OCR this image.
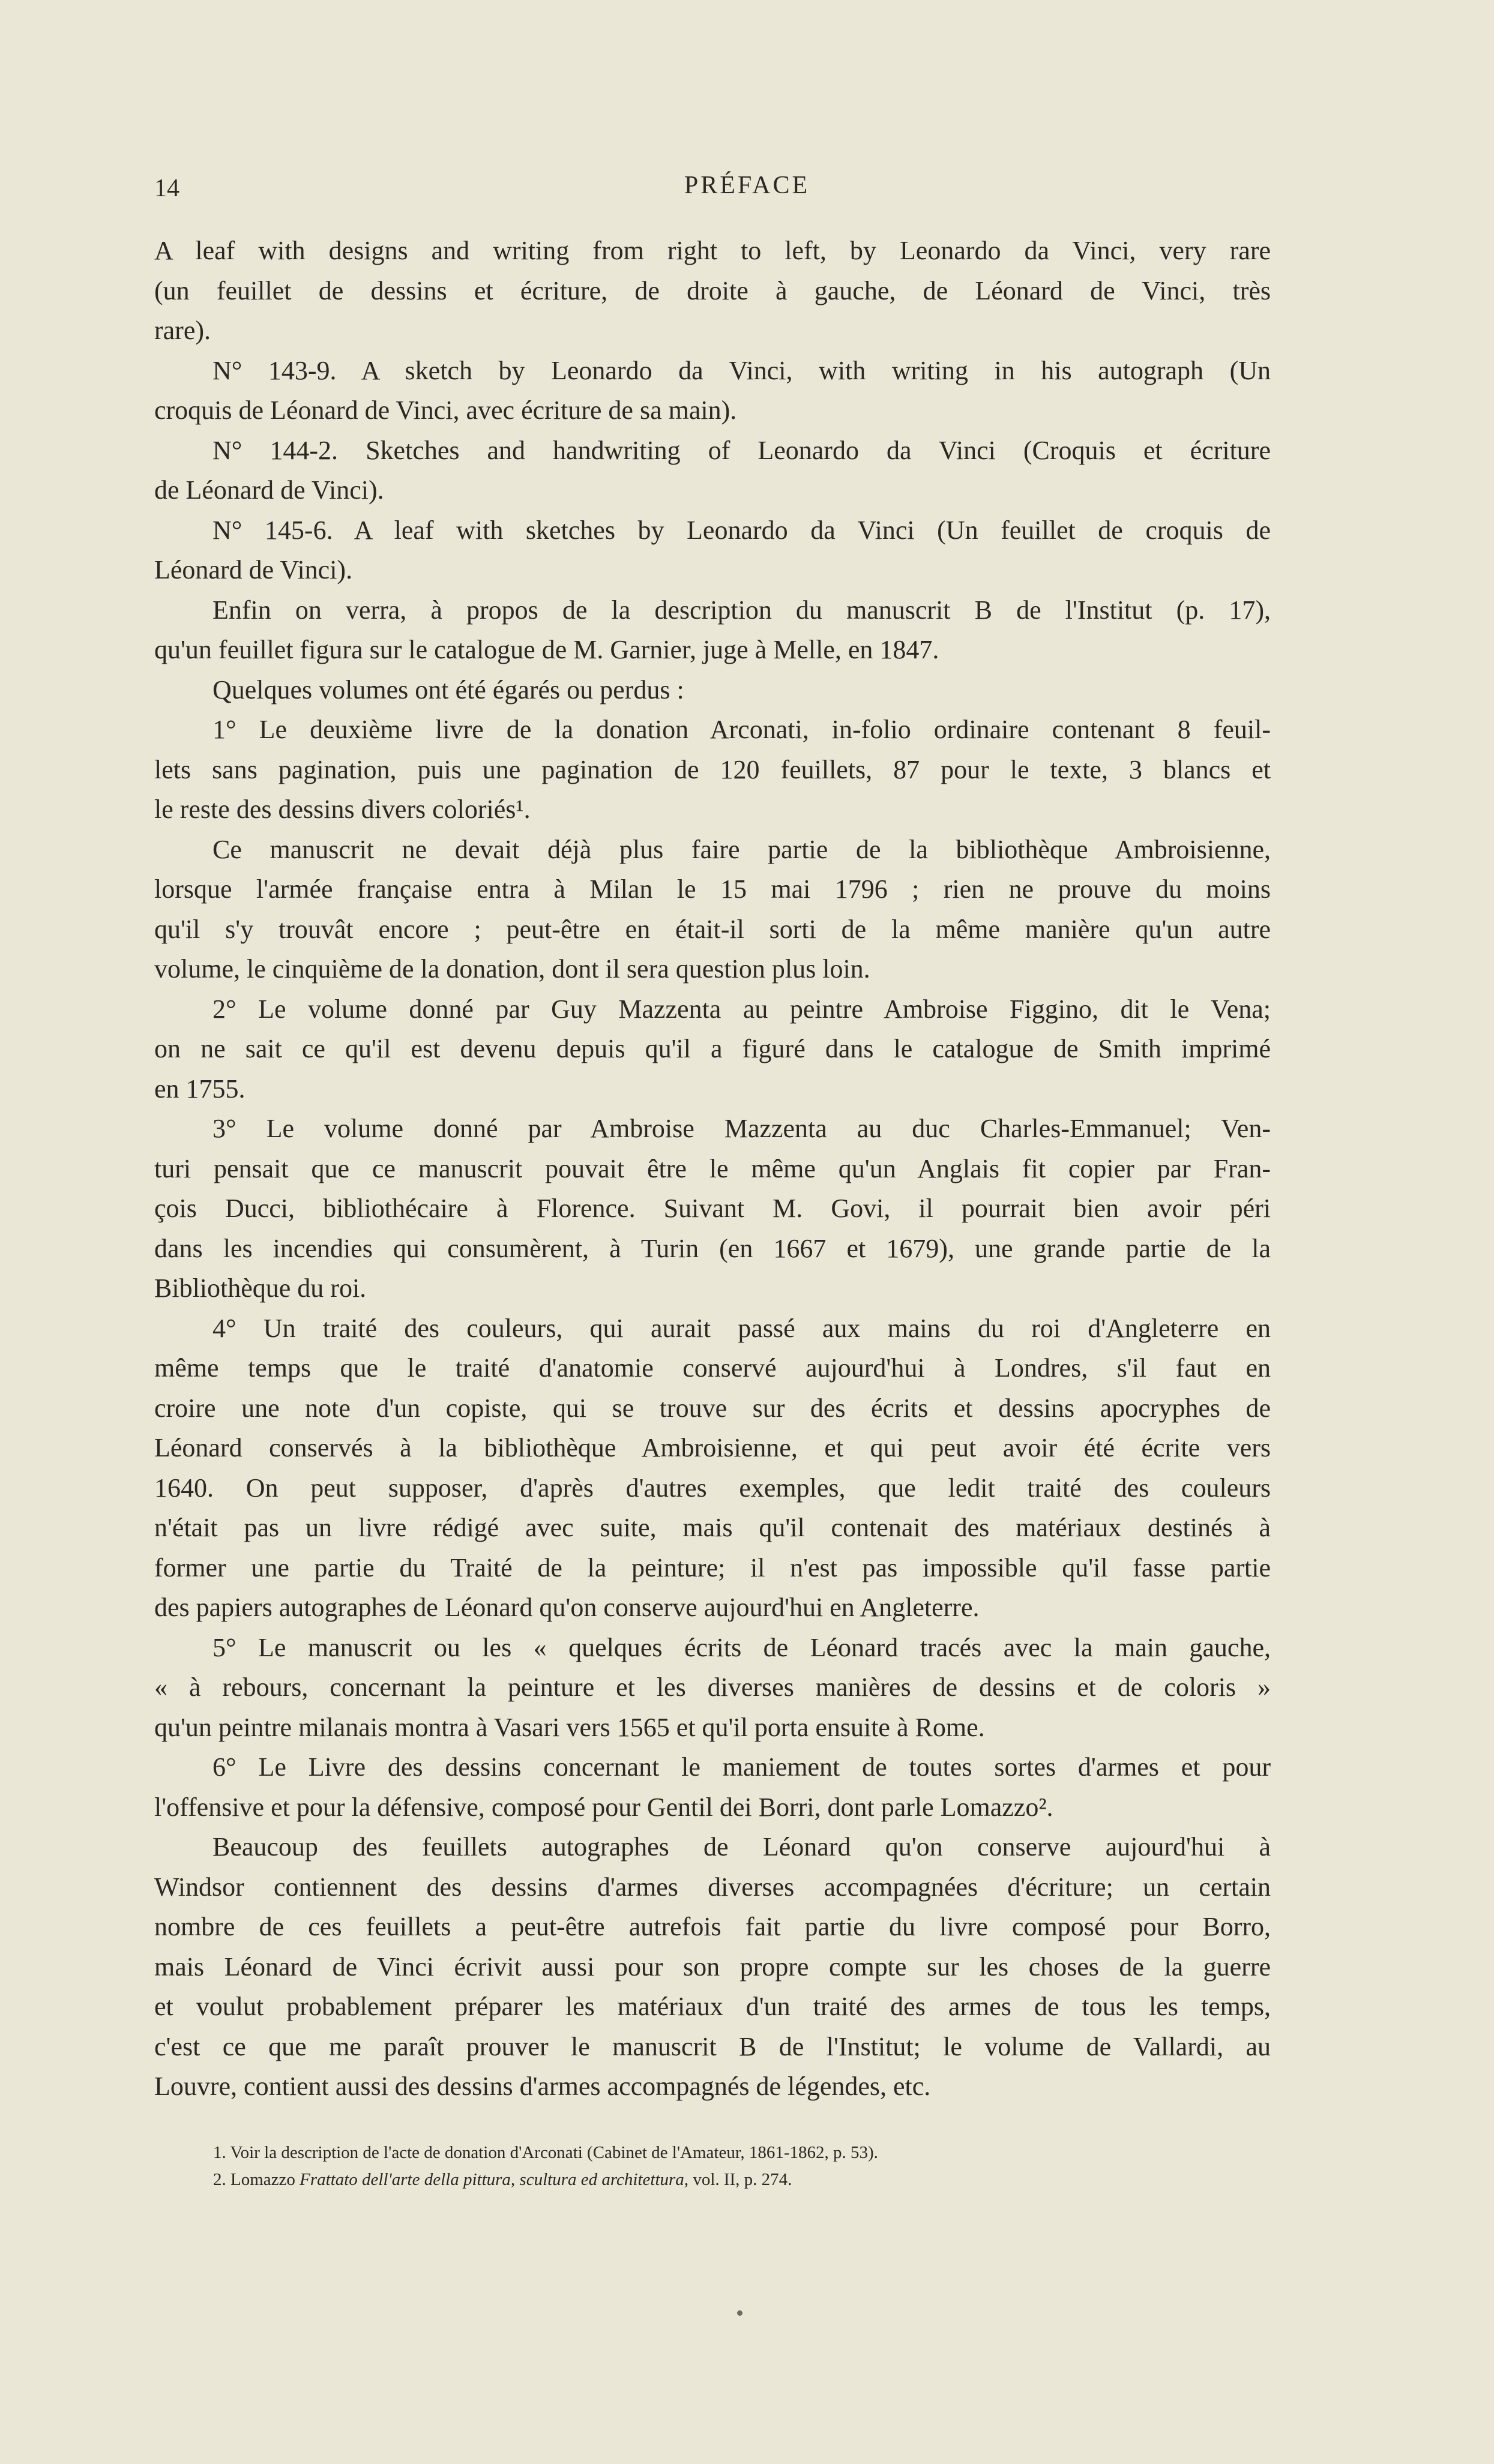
14	PRÉFACE
A leaf with designs and writing from right to left, by Leonardo da Vinci, very rare
(un feuillet de dessins et écriture, de droite à gauche, de Léonard de Vinci, très
rare).
N° 143-9. A sketch by Leonardo da Vinci, with writing in his autograph (Un
croquis de Léonard de Vinci, avec écriture de sa main).
N° 144-2. Sketches and handwriting of Leonardo da Vinci (Croquis et écriture
de Léonard de Vinci).
N° 145-6. A leaf with sketches by Leonardo da Vinci (Un feuillet de croquis de
Léonard de Vinci).
Enfin on verra, à propos de la description du manuscrit B de l'Institut (p. 17),
qu'un feuillet figura sur le catalogue de M. Garnier, juge à Melle, en 1847.
Quelques volumes ont été égarés ou perdus :
1° Le deuxième livre de la donation Arconati, in-folio ordinaire contenant 8 feuil-
lets sans pagination, puis une pagination de 120 feuillets, 87 pour le texte, 3 blancs et
le reste des dessins divers coloriés¹.
Ce manuscrit ne devait déjà plus faire partie de la bibliothèque Ambroisienne,
lorsque l'armée française entra à Milan le 15 mai 1796 ; rien ne prouve du moins
qu'il s'y trouvât encore ; peut-être en était-il sorti de la même manière qu'un autre
volume, le cinquième de la donation, dont il sera question plus loin.
2° Le volume donné par Guy Mazzenta au peintre Ambroise Figgino, dit le Vena;
on ne sait ce qu'il est devenu depuis qu'il a figuré dans le catalogue de Smith imprimé
en 1755.
3° Le volume donné par Ambroise Mazzenta au duc Charles-Emmanuel; Ven-
turi pensait que ce manuscrit pouvait être le même qu'un Anglais fit copier par Fran-
çois Ducci, bibliothécaire à Florence. Suivant M. Govi, il pourrait bien avoir péri
dans les incendies qui consumèrent, à Turin (en 1667 et 1679), une grande partie de la
Bibliothèque du roi.
4° Un traité des couleurs, qui aurait passé aux mains du roi d'Angleterre en
même temps que le traité d'anatomie conservé aujourd'hui à Londres, s'il faut en
croire une note d'un copiste, qui se trouve sur des écrits et dessins apocryphes de
Léonard conservés à la bibliothèque Ambroisienne, et qui peut avoir été écrite vers
1640. On peut supposer, d'après d'autres exemples, que ledit traité des couleurs
n'était pas un livre rédigé avec suite, mais qu'il contenait des matériaux destinés à
former une partie du Traité de la peinture; il n'est pas impossible qu'il fasse partie
des papiers autographes de Léonard qu'on conserve aujourd'hui en Angleterre.
5° Le manuscrit ou les « quelques écrits de Léonard tracés avec la main gauche,
« à rebours, concernant la peinture et les diverses manières de dessins et de coloris »
qu'un peintre milanais montra à Vasari vers 1565 et qu'il porta ensuite à Rome.
6° Le Livre des dessins concernant le maniement de toutes sortes d'armes et pour
l'offensive et pour la défensive, composé pour Gentil dei Borri, dont parle Lomazzo².
Beaucoup des feuillets autographes de Léonard qu'on conserve aujourd'hui à
Windsor contiennent des dessins d'armes diverses accompagnées d'écriture; un certain
nombre de ces feuillets a peut-être autrefois fait partie du livre composé pour Borro,
mais Léonard de Vinci écrivit aussi pour son propre compte sur les choses de la guerre
et voulut probablement préparer les matériaux d'un traité des armes de tous les temps,
c'est ce que me paraît prouver le manuscrit B de l'Institut; le volume de Vallardi, au
Louvre, contient aussi des dessins d'armes accompagnés de légendes, etc.
1. Voir la description de l'acte de donation d'Arconati (Cabinet de l'Amateur, 1861-1862, p. 53).
2. Lomazzo Frattato dell'arte della pittura, scultura ed architettura, vol. II, p. 274.
